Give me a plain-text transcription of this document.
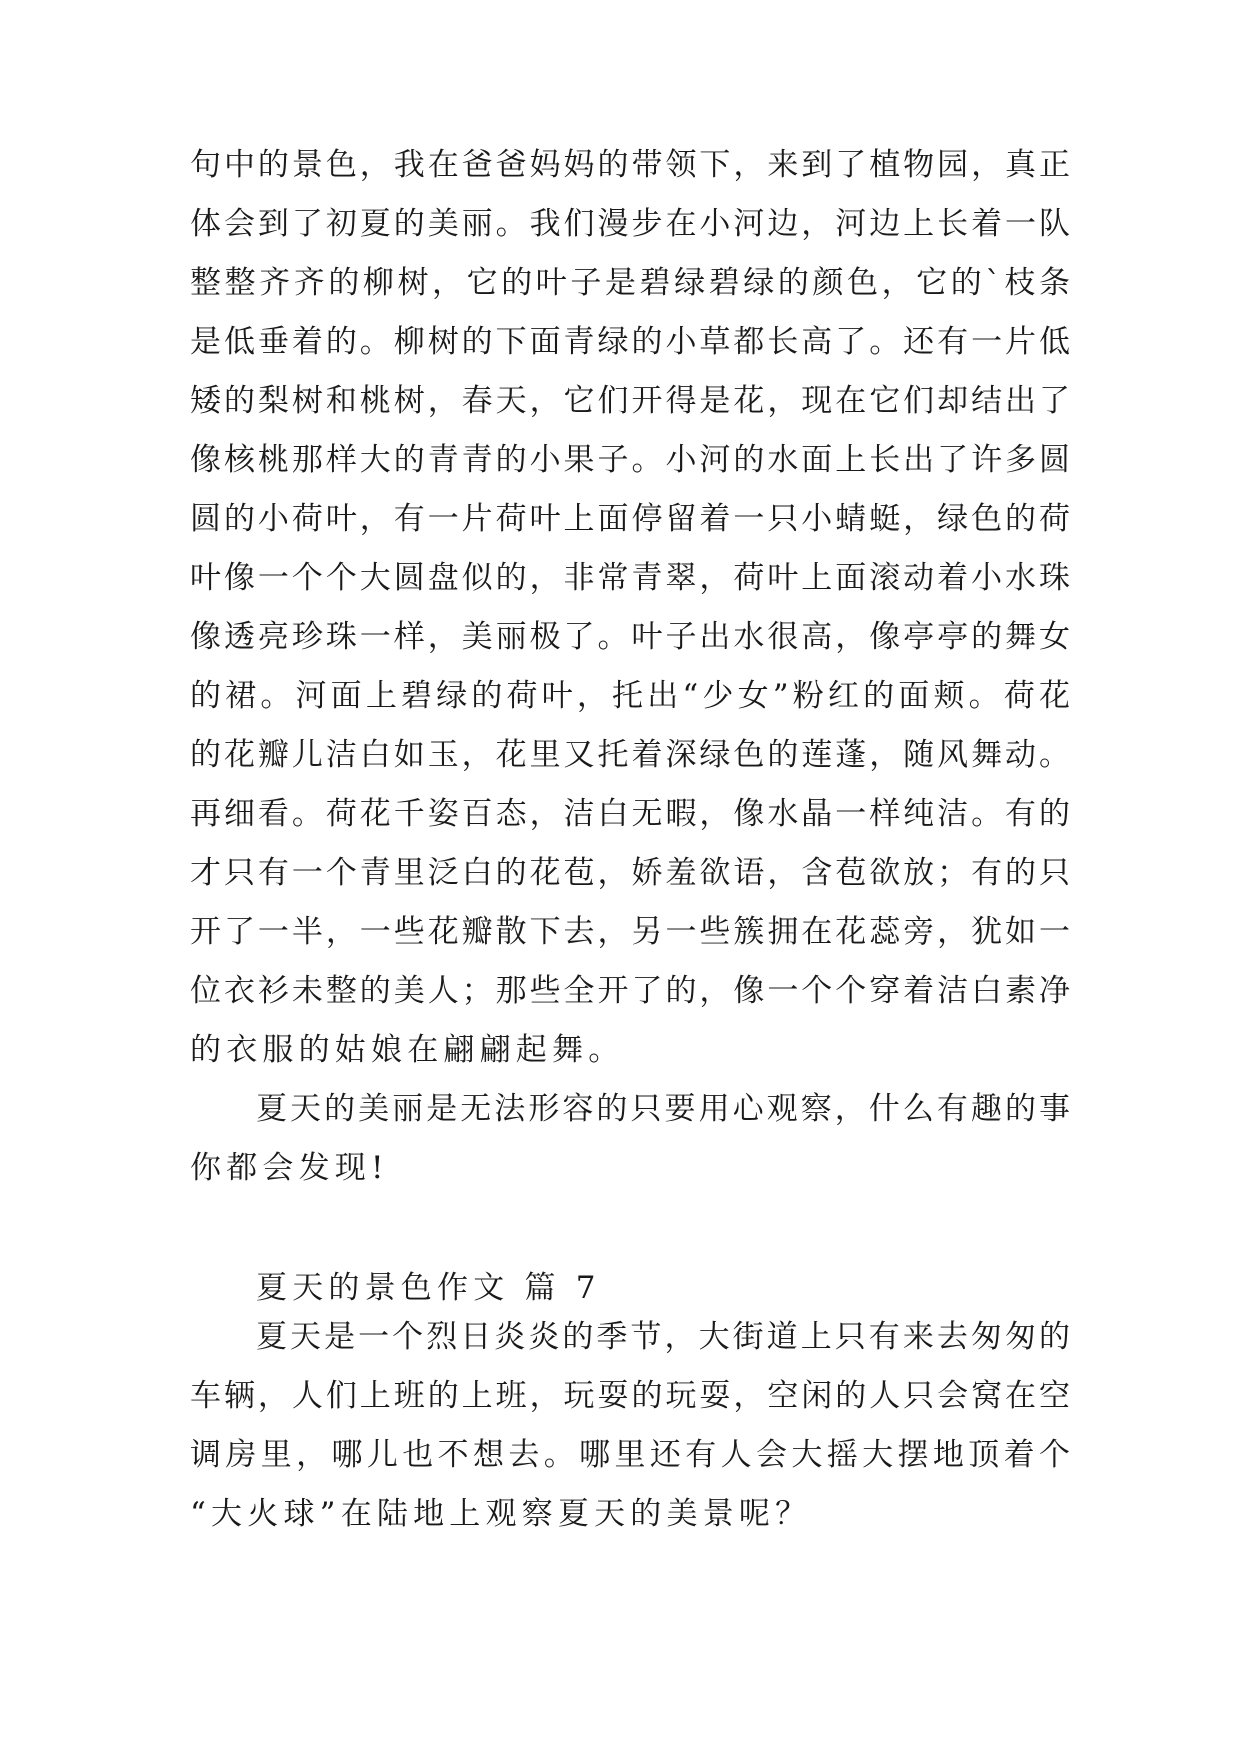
句中的景色，我在爸爸妈妈的带领下，来到了植物园，真正
体会到了初夏的美丽。我们漫步在小河边，河边上长着一队
整整齐齐的柳树，它的叶子是碧绿碧绿的颜色，它的`枝条
是低垂着的。柳树的下面青绿的小草都长高了。还有一片低
矮的梨树和桃树，春天，它们开得是花，现在它们却结出了
像核桃那样大的青青的小果子。小河的水面上长出了许多圆
圆的小荷叶，有一片荷叶上面停留着一只小蜻蜓，绿色的荷
叶像一个个大圆盘似的，非常青翠，荷叶上面滚动着小水珠
像透亮珍珠一样，美丽极了。叶子出水很高，像亭亭的舞女
的裙。河面上碧绿的荷叶，托出“少女”粉红的面颊。荷花
的花瓣儿洁白如玉，花里又托着深绿色的莲蓬，随风舞动。
再细看。荷花千姿百态，洁白无暇，像水晶一样纯洁。有的
才只有一个青里泛白的花苞，娇羞欲语，含苞欲放；有的只
开了一半，一些花瓣散下去，另一些簇拥在花蕊旁，犹如一
位衣衫未整的美人；那些全开了的，像一个个穿着洁白素净
的衣服的姑娘在翩翩起舞。
夏天的美丽是无法形容的只要用心观察，什么有趣的事
你都会发现!
夏天的景色作文 篇 7
夏天是一个烈日炎炎的季节，大街道上只有来去匆匆的
车辆，人们上班的上班，玩耍的玩耍，空闲的人只会窝在空
调房里，哪儿也不想去。哪里还有人会大摇大摆地顶着个
“大火球”在陆地上观察夏天的美景呢？
